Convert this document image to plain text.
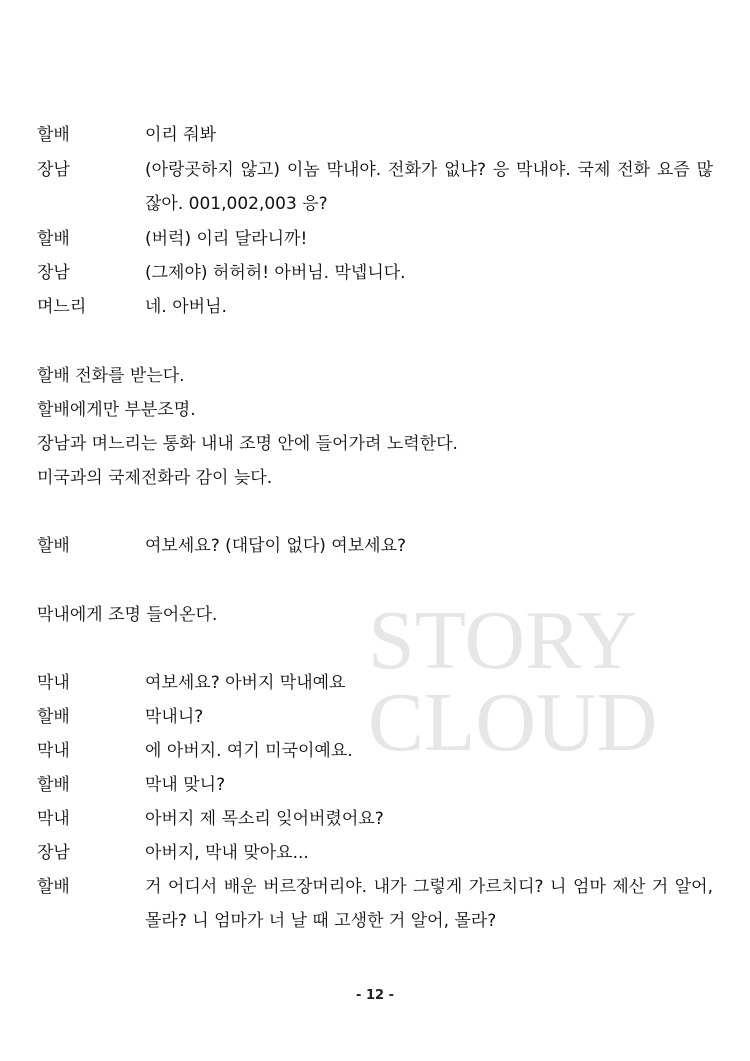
STORY
CLOUD
할배	이리 줘봐
장남	(아랑곳하지 않고) 이놈 막내야. 전화가 없냐? 응 막내야. 국제 전화 요즘 많잖아. 001,002,003 응?
할배	(버럭) 이리 달라니까!
장남	(그제야) 허허허! 아버님. 막넵니다.
며느리	네. 아버님.
할배 전화를 받는다.
할배에게만 부분조명.
장남과 며느리는 통화 내내 조명 안에 들어가려 노력한다.
미국과의 국제전화라 감이 늦다.
할배	여보세요? (대답이 없다) 여보세요?
막내에게 조명 들어온다.
막내	여보세요? 아버지 막내예요
할배	막내니?
막내	에 아버지. 여기 미국이예요.
할배	막내 맞니?
막내	아버지 제 목소리 잊어버렸어요?
장남	아버지, 막내 맞아요...
할배	거 어디서 배운 버르장머리야. 내가 그렇게 가르치디? 니 엄마 제산 거 알어, 몰라? 니 엄마가 너 날 때 고생한 거 알어, 몰라?
- 12 -
